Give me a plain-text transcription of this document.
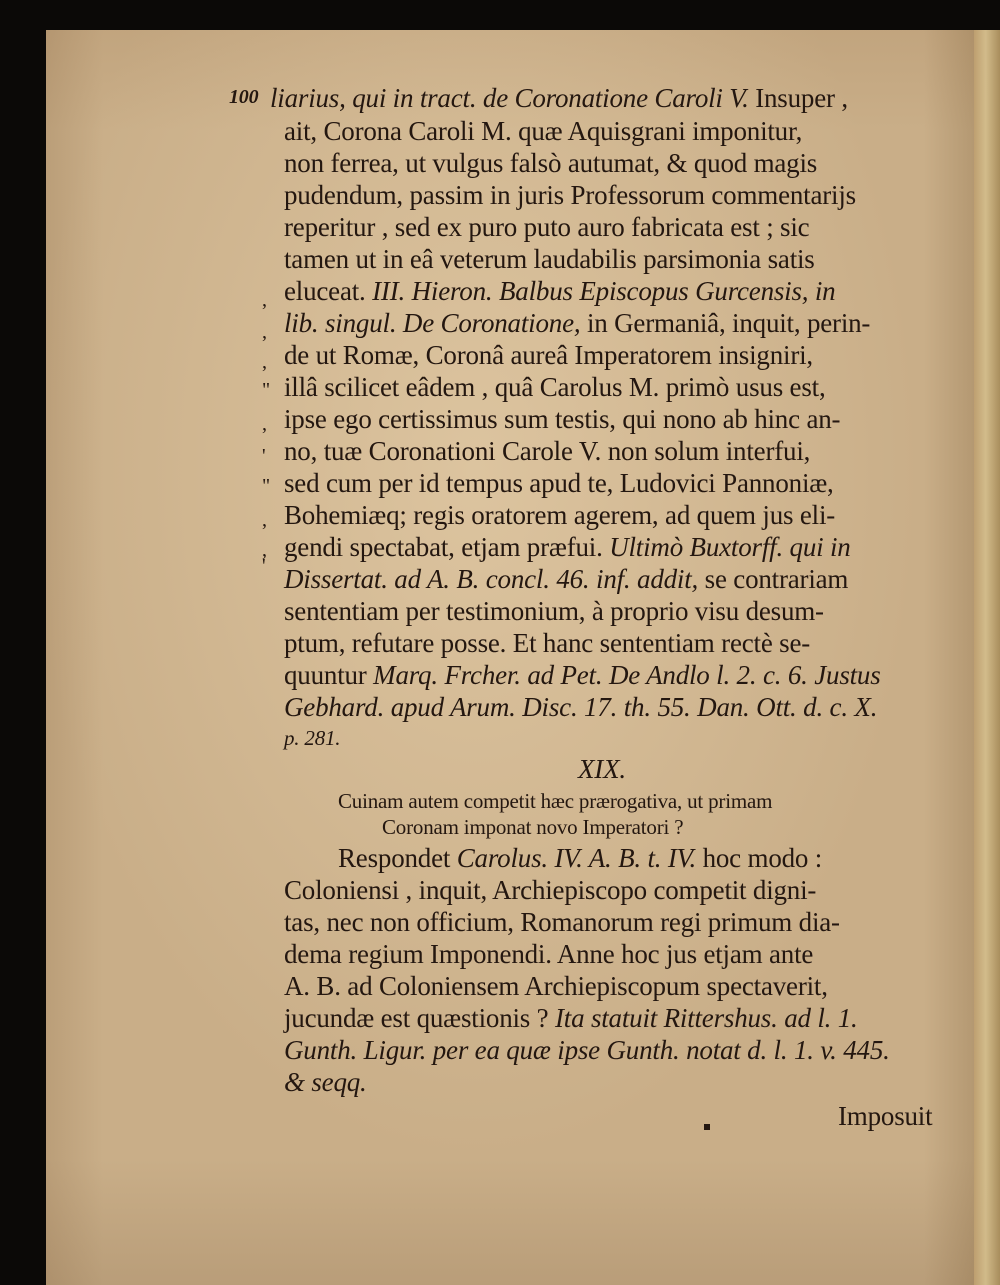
100 liarius, qui in tract. de Coronatione Caroli V. Insuper ,
ait, Corona Caroli M. quæ Aquisgrani imponitur,
non ferrea, ut vulgus falsò autumat, & quod magis
pudendum, passim in juris Professorum commentarijs
reperitur , sed ex puro puto auro fabricata est ; sic
tamen ut in eâ veterum laudabilis parsimonia satis
eluceat. III. Hieron. Balbus Episcopus Gurcensis, in
lib. singul. De Coronatione, in Germaniâ, inquit, perin-
de ut Romæ, Coronâ aureâ Imperatorem insigniri,
illâ scilicet eâdem , quâ Carolus M. primò usus est,
ipse ego certissimus sum testis, qui nono ab hinc an-
no, tuæ Coronationi Carole V. non solum interfui,
sed cum per id tempus apud te, Ludovici Pannoniæ,
Bohemiæq; regis oratorem agerem, ad quem jus eli-
gendi spectabat, etjam præfui. Ultimò Buxtorff. qui in
Dissertat. ad A. B. concl. 46. inf. addit, se contrariam
sententiam per testimonium, à proprio visu desum-
ptum, refutare posse. Et hanc sententiam rectè se-
quuntur Marq. Frcher. ad Pet. De Andlo l. 2. c. 6. Justus
Gebhard. apud Arum. Disc. 17. th. 55. Dan. Ott. d. c. X.
p. 281.
XIX.
Cuinam autem competit hæc prærogativa, ut primam
Coronam imponat novo Imperatori ?
Respondet Carolus. IV. A. B. t. IV. hoc modo :
Coloniensi , inquit, Archiepiscopo competit digni-
tas, nec non officium, Romanorum regi primum dia-
dema regium Imponendi. Anne hoc jus etjam ante
A. B. ad Coloniensem Archiepiscopum spectaverit,
jucundæ est quæstionis ? Ita statuit Rittershus. ad l. 1.
Gunth. Ligur. per ea quæ ipse Gunth. notat d. l. 1. v. 445.
& seqq.
Imposuit
,
,
,
"
,
'
"
,
,
'
